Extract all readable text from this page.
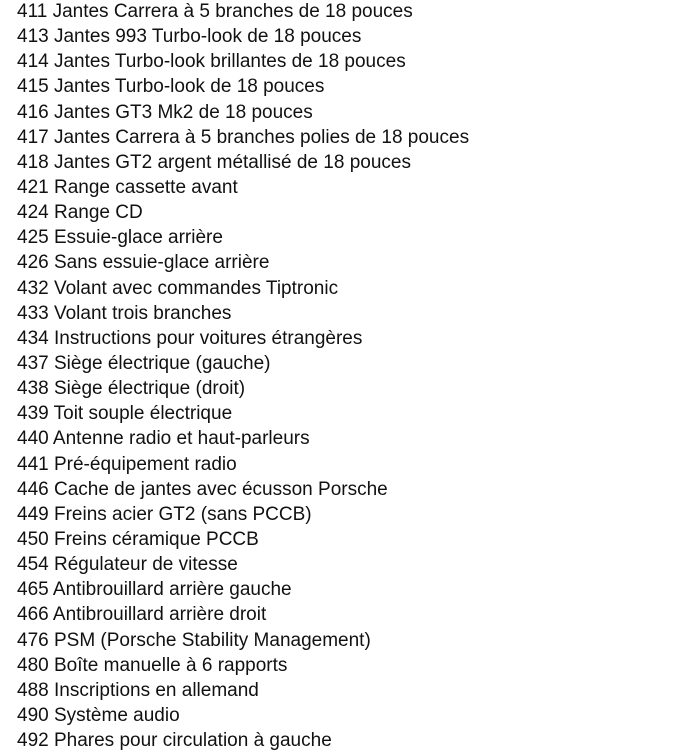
411 Jantes Carrera à 5 branches de 18 pouces
413 Jantes 993 Turbo-look de 18 pouces
414 Jantes Turbo-look brillantes de 18 pouces
415 Jantes Turbo-look de 18 pouces
416 Jantes GT3 Mk2 de 18 pouces
417 Jantes Carrera à 5 branches polies de 18 pouces
418 Jantes GT2 argent métallisé de 18 pouces
421 Range cassette avant
424 Range CD
425 Essuie-glace arrière
426 Sans essuie-glace arrière
432 Volant avec commandes Tiptronic
433 Volant trois branches
434 Instructions pour voitures étrangères
437 Siège électrique (gauche)
438 Siège électrique (droit)
439 Toit souple électrique
440 Antenne radio et haut-parleurs
441 Pré-équipement radio
446 Cache de jantes avec écusson Porsche
449 Freins acier GT2 (sans PCCB)
450 Freins céramique PCCB
454 Régulateur de vitesse
465 Antibrouillard arrière gauche
466 Antibrouillard arrière droit
476 PSM (Porsche Stability Management)
480 Boîte manuelle à 6 rapports
488 Inscriptions en allemand
490 Système audio
492 Phares pour circulation à gauche
